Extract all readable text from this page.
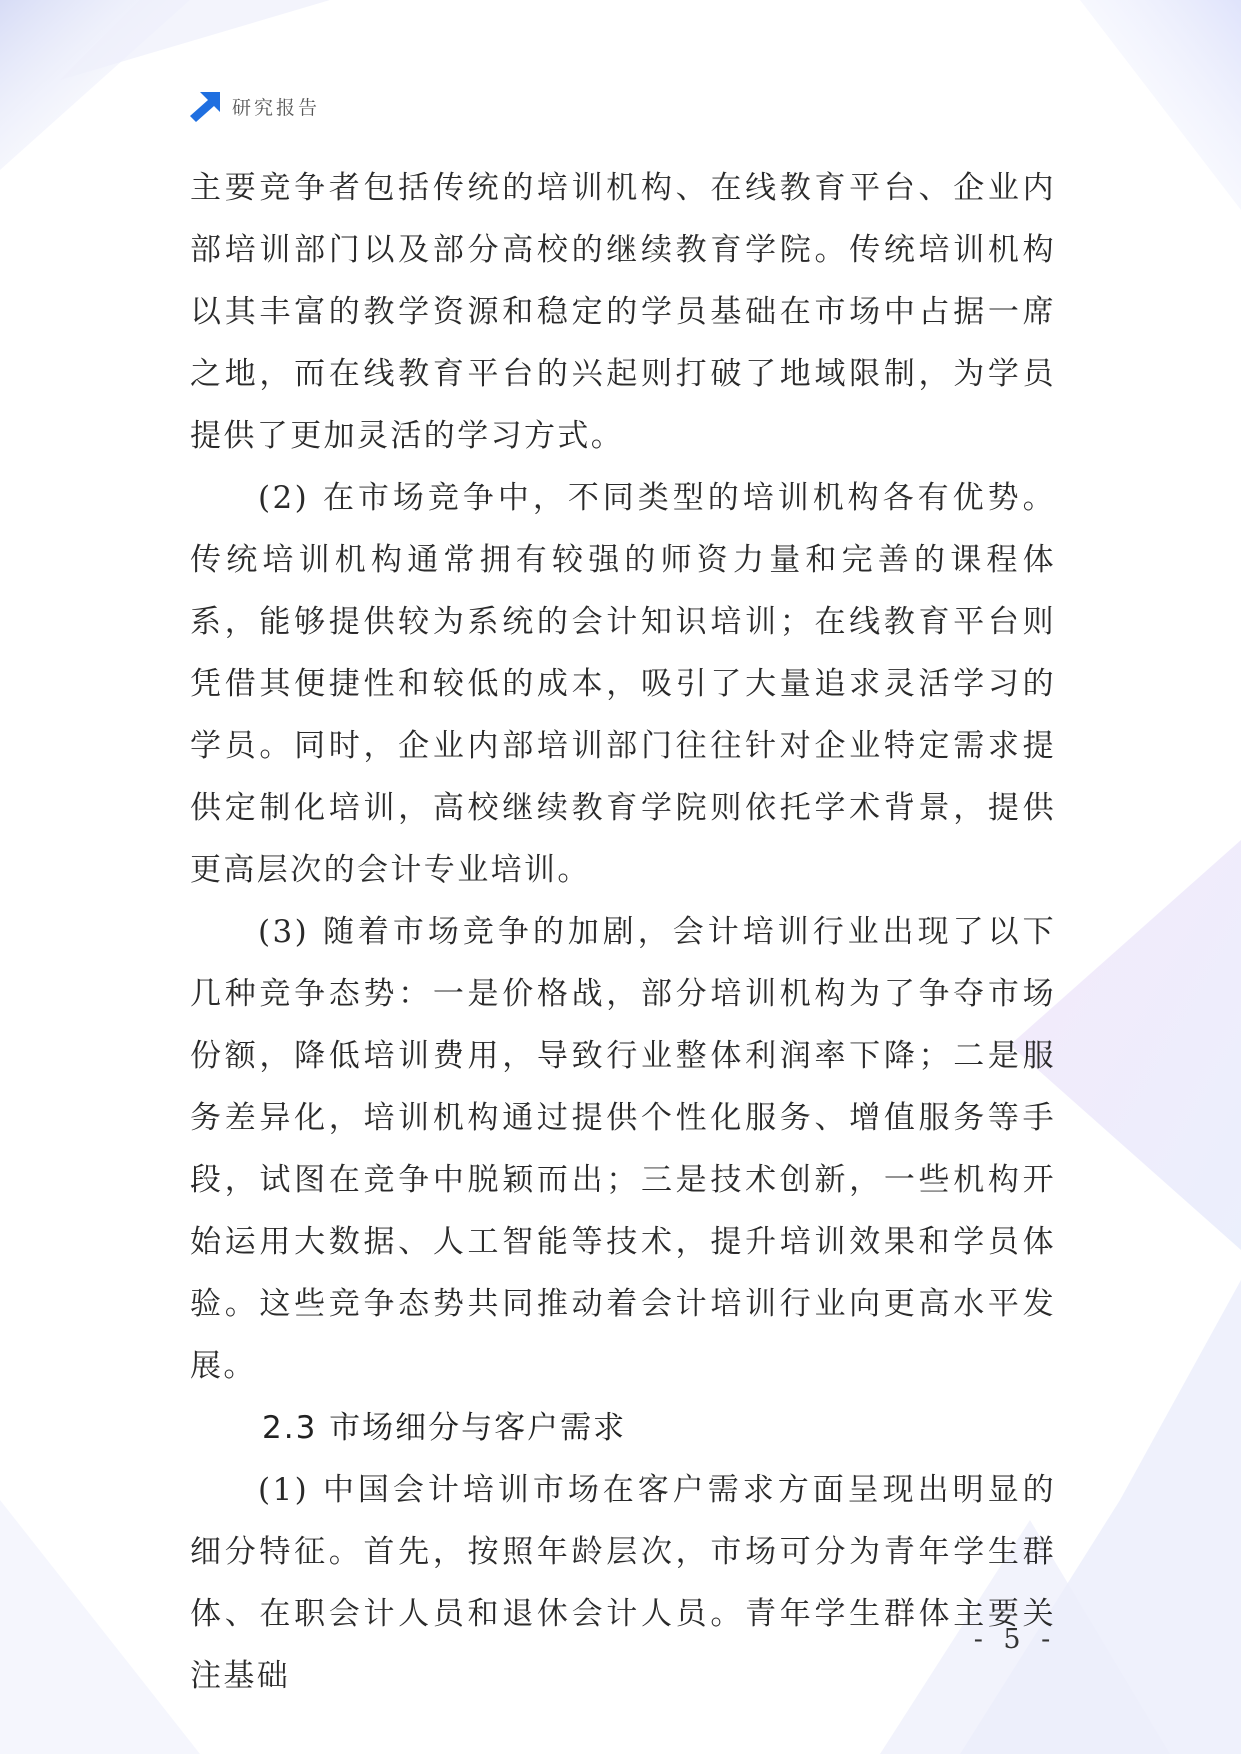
研究报告

主要竞争者包括传统的培训机构、在线教育平台、企业内部培训部门以及部分高校的继续教育学院。传统培训机构以其丰富的教学资源和稳定的学员基础在市场中占据一席之地，而在线教育平台的兴起则打破了地域限制，为学员提供了更加灵活的学习方式。

(2) 在市场竞争中，不同类型的培训机构各有优势。传统培训机构通常拥有较强的师资力量和完善的课程体系，能够提供较为系统的会计知识培训；在线教育平台则凭借其便捷性和较低的成本，吸引了大量追求灵活学习的学员。同时，企业内部培训部门往往针对企业特定需求提供定制化培训，高校继续教育学院则依托学术背景，提供更高层次的会计专业培训。

(3) 随着市场竞争的加剧，会计培训行业出现了以下几种竞争态势：一是价格战，部分培训机构为了争夺市场份额，降低培训费用，导致行业整体利润率下降；二是服务差异化，培训机构通过提供个性化服务、增值服务等手段，试图在竞争中脱颖而出；三是技术创新，一些机构开始运用大数据、人工智能等技术，提升培训效果和学员体验。这些竞争态势共同推动着会计培训行业向更高水平发展。

2.3 市场细分与客户需求

(1) 中国会计培训市场在客户需求方面呈现出明显的细分特征。首先，按照年龄层次，市场可分为青年学生群体、在职会计人员和退休会计人员。青年学生群体主要关注基础

- 5 -
